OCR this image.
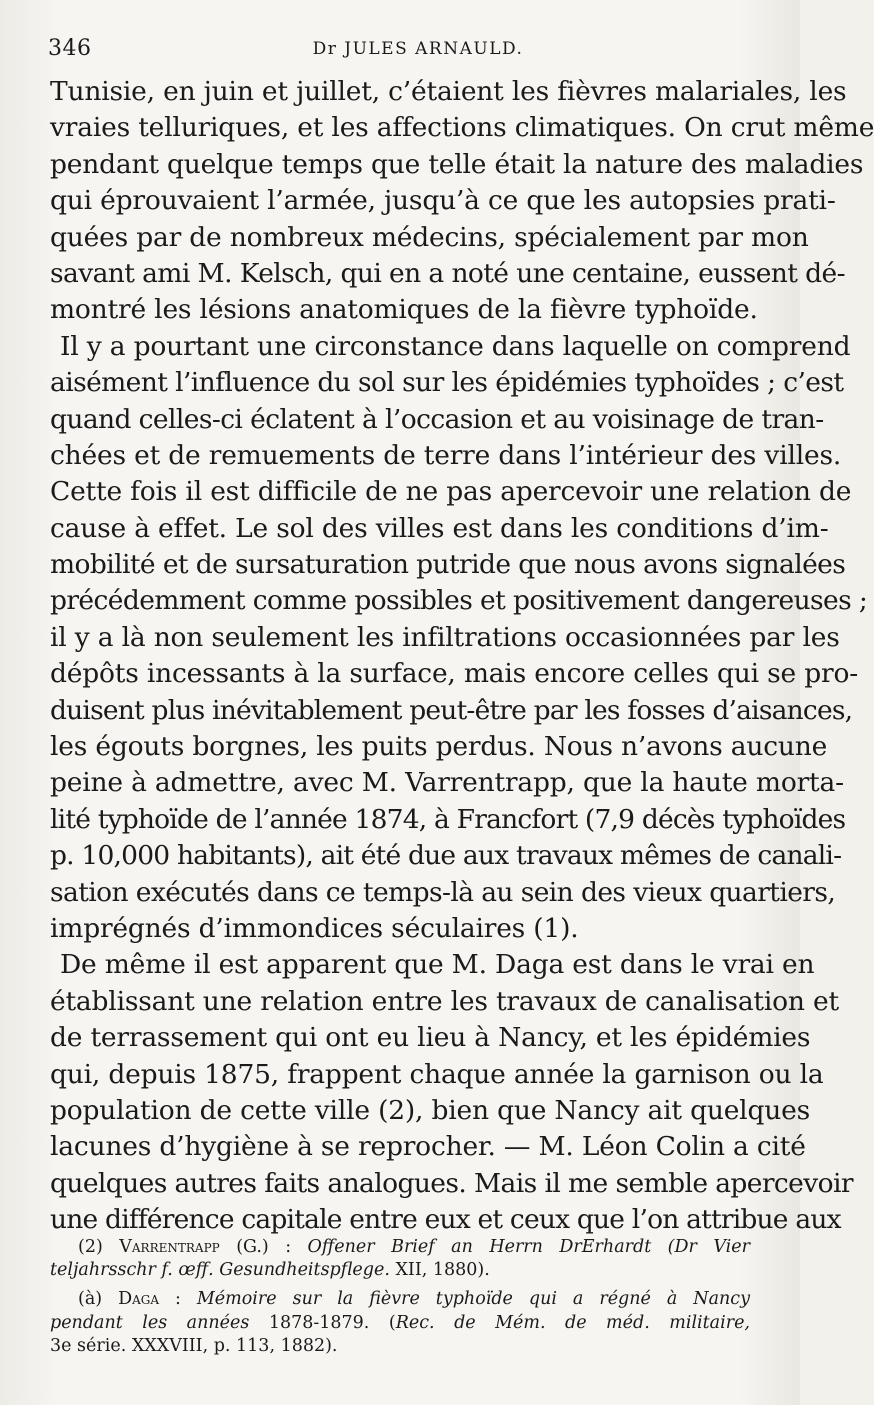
346	Dr JULES ARNAULD.
Tunisie, en juin et juillet, c’étaient les fièvres malariales, les
vraies telluriques, et les affections climatiques. On crut même
pendant quelque temps que telle était la nature des maladies
qui éprouvaient l’armée, jusqu’à ce que les autopsies prati-
quées par de nombreux médecins, spécialement par mon
savant ami M. Kelsch, qui en a noté une centaine, eussent dé-
montré les lésions anatomiques de la fièvre typhoïde.
Il y a pourtant une circonstance dans laquelle on comprend
aisément l’influence du sol sur les épidémies typhoïdes ; c’est
quand celles-ci éclatent à l’occasion et au voisinage de tran-
chées et de remuements de terre dans l’intérieur des villes.
Cette fois il est difficile de ne pas apercevoir une relation de
cause à effet. Le sol des villes est dans les conditions d’im-
mobilité et de sursaturation putride que nous avons signalées
précédemment comme possibles et positivement dangereuses ;
il y a là non seulement les infiltrations occasionnées par les
dépôts incessants à la surface, mais encore celles qui se pro-
duisent plus inévitablement peut-être par les fosses d’aisances,
les égouts borgnes, les puits perdus. Nous n’avons aucune
peine à admettre, avec M. Varrentrapp, que la haute morta-
lité typhoïde de l’année 1874, à Francfort (7,9 décès typhoïdes
p. 10,000 habitants), ait été due aux travaux mêmes de canali-
sation exécutés dans ce temps-là au sein des vieux quartiers,
imprégnés d’immondices séculaires (1).
De même il est apparent que M. Daga est dans le vrai en
établissant une relation entre les travaux de canalisation et
de terrassement qui ont eu lieu à Nancy, et les épidémies
qui, depuis 1875, frappent chaque année la garnison ou la
population de cette ville (2), bien que Nancy ait quelques
lacunes d’hygiène à se reprocher. — M. Léon Colin a cité
quelques autres faits analogues. Mais il me semble apercevoir
une différence capitale entre eux et ceux que l’on attribue aux
(2) Varrentrapp (G.) : Offener Brief an Herrn DrErhardt (Dr Vier
teljahrsschr f. œff. Gesundheitspflege. XII, 1880).
(à) Daga : Mémoire sur la fièvre typhoïde qui a régné à Nancy
pendant les années 1878-1879. (Rec. de Mém. de méd. militaire,
3e série. XXXVIII, p. 113, 1882).
